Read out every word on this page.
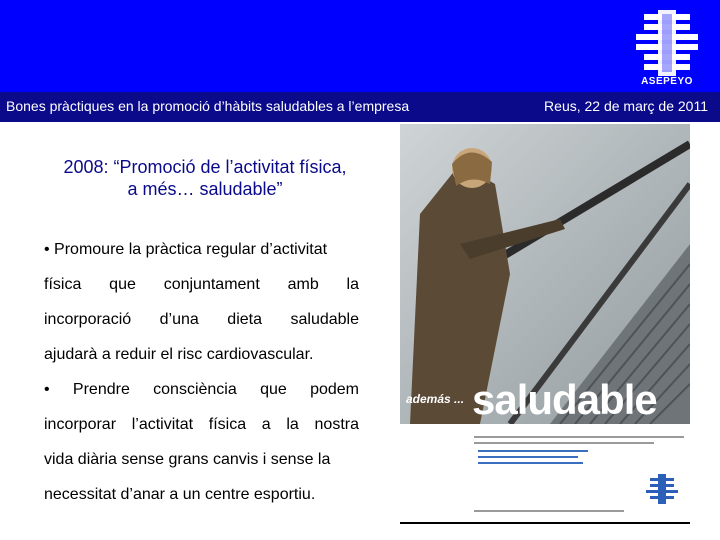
ASEPEYO
Bones pràctiques en la promoció d’hàbits saludables a l’empresa	Reus, 22 de març de 2011
2008: “Promoció de l’activitat física,
a més… saludable”

• Promoure la pràctica regular d’activitat

física que conjuntament amb la

incorporació d’una dieta saludable

ajudarà a reduir el risc cardiovascular.

• Prendre consciència que podem

incorporar l’activitat física a la nostra

vida diària sense grans canvis i sense la

necessitat d’anar a un centre esportiu.

además ... saludable
